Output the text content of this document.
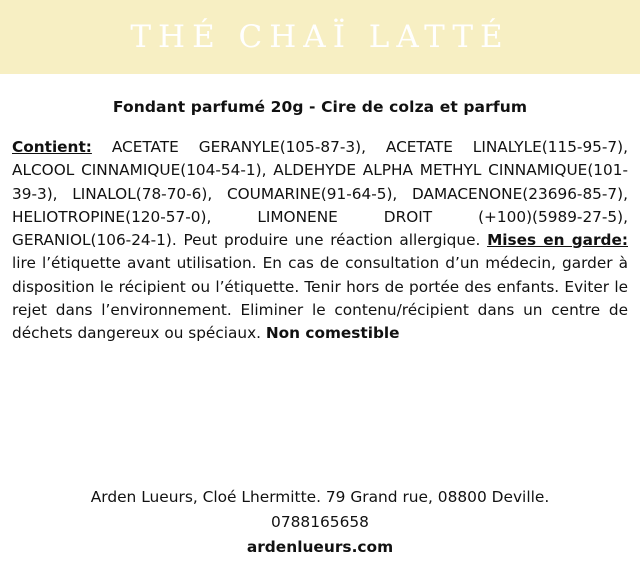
THÉ CHAÏ LATTÉ
Fondant parfumé 20g - Cire de colza et parfum
Contient: ACETATE GERANYLE(105-87-3), ACETATE LINALYLE(115-95-7), ALCOOL CINNAMIQUE(104-54-1), ALDEHYDE ALPHA METHYL CINNAMIQUE(101-39-3), LINALOL(78-70-6), COUMARINE(91-64-5), DAMACENONE(23696-85-7), HELIOTROPINE(120-57-0), LIMONENE DROIT (+100)(5989-27-5), GERANIOL(106-24-1). Peut produire une réaction allergique. Mises en garde: lire l’étiquette avant utilisation. En cas de consultation d’un médecin, garder à disposition le récipient ou l’étiquette. Tenir hors de portée des enfants. Eviter le rejet dans l’environnement. Eliminer le contenu/récipient dans un centre de déchets dangereux ou spéciaux. Non comestible
Arden Lueurs, Cloé Lhermitte. 79 Grand rue, 08800 Deville.
0788165658
ardenlueurs.com
